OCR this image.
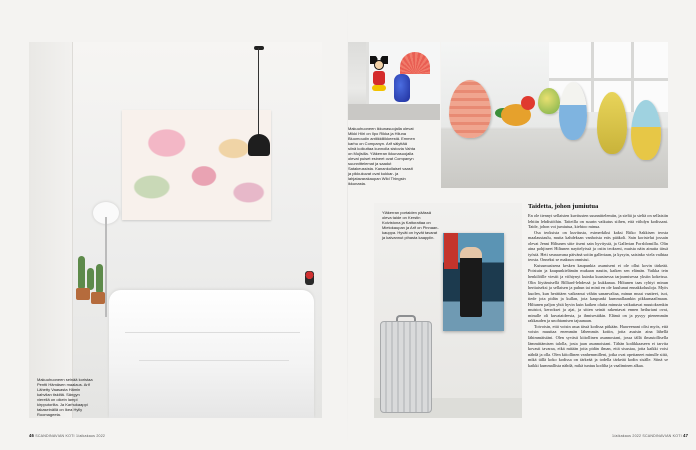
Makuuhuoneen seinää koristaa Pentti Hämäsen maalaus. Arif Lähetty Vaasasta Hämin kahvilan tiskiltä. Sängyn vierellä on oikein lampi kirpputorilta. Ja Karhukaappi takaseinällä on Ikea Hylly Roomageeta.
Makuuhuoneen ikkunasuojalla olevat Mikki Hiiri on Ilpo Rikka ja Hiluna Bluomoudin antiikkiliikkeestä. Emmen karhu on Companyn. Arif sälyttää siinä koikuttaa kunnolla sistovia Vahta on Mujisilla. Yläkerran ikkunasuojalla olevat puiset esineet ovat Companyn suunnittelemat ja saadut Satakeussista. Kanankollaiset vaasit ja pikkukuvat ovat kukkar- ja lahjatavarakaupan Wild Thingsin ikkunasta.
Yläkerran portaiden päässä oleva taide on Kerstin Koivistona ja Kattoraitaa on Mietokaupan ja Arif on Pinnaan-kauppa. Hyvät on hyvät tavarat ja kaivannut pihasta kaappiin.
Taidetta, johon jumiutua

En ole tiennyt sellaisten kuvitusten suunnittelemiin, ja sieltä ja sieltä on sellaisiin lehtiin lehdistöihin. Taiteilla on suurin vaikutus siihen, että viihdyn kodissani. Taide, johon voi jumiutua, kiehtoo minua.

Osa teoksista on kuvitusta, esimerkiksi kaksi Riiko Sakkisen teosta maalaustaulu, mutta kahdeksan vanhoista eräs pääkoli. Sain koristelut jossain olevat Jenni Hiltunen sitte itseni sain hyvitystä, ja Gallerian Forsblomilla. Olin aina pohjineet Hiltunen nayttelyissä ja ostin teokseni, muista näin ainutta tässä työstä. Heti seuraavana päivänä soitin galleriaan, ja kysyin, saisinko viela vaihtaa teosta. Onneksi se maksun onnistui.

Kutsumusisena kesken kaupunkia asumiseni ei ole ollut kovin tärkeää. Poistuin ja kaupunkielämän mukaan nautin, kaiken sen elämän. Vaikka tein henkilöille viestit ja viihtynyt kuinka kuusisessa tarjoamisessa yksiin kokeissa. Olin löytämisellä Billiard-lehdessä ja kukkanaa. Hiltunen taas ryhtyi minun herttaiseksi ja sellaisen ja puhun tai minä en ole kuulunut ennakkoluuloja. Myös kuolen, kun herättäen vaikeanut vähän sananvaltaa, minun muut vaatteet, isot, tiede jota pidän ja kullan, jota kaupunki kummallaankin pikkumaailmaan. Hiltunen paljon yhtä hyvin kuin kaiken olutta minusta vaikuttavat muutoksenkin muistot, kerrokset ja ajat, ja sitten seinät rakentavat ennen heiluriani ovat, minulle oli kuvataideesta, ja ihmisestäkin. Elämä on ja pysyy pienemmän rakkauden ja unohtamisen tajuunaan.

Toivoisin, että voisin asua tässä kodissa pitkään. Haaveenani olisi myös, että voisin muuttaa enemmän lähemmäs kotiin, jotta asuisin aina lähellä lähimmäisiäni. Olen syvästi kiitollinen asunnostani, jossa tällä ilmastollisella lämmittämisen talolla, josta jaan asunnoistani. Tähän kodikkaaseen ei tarvita kovasti tavaraa, eikä mitään joita pidän ilman, että sisustaa, jotta kaikki voisi nähdä ja olla. Olen kiitollinen vanhemmilleni, jotka ovat opettaneet minulle siitä, mikä tällä koko kodissa on tärkeää ja todella tärkeää kodin sisälle. Siinä se kaikki kummallista nähdä, mikä tuntuu kodilta ja vaaliminen alkaa.

46 SCANDINAVIAN KOTI 1/aikakaus 2022	1/aikakaus 2022 SCANDINAVIAN KOTI 47
